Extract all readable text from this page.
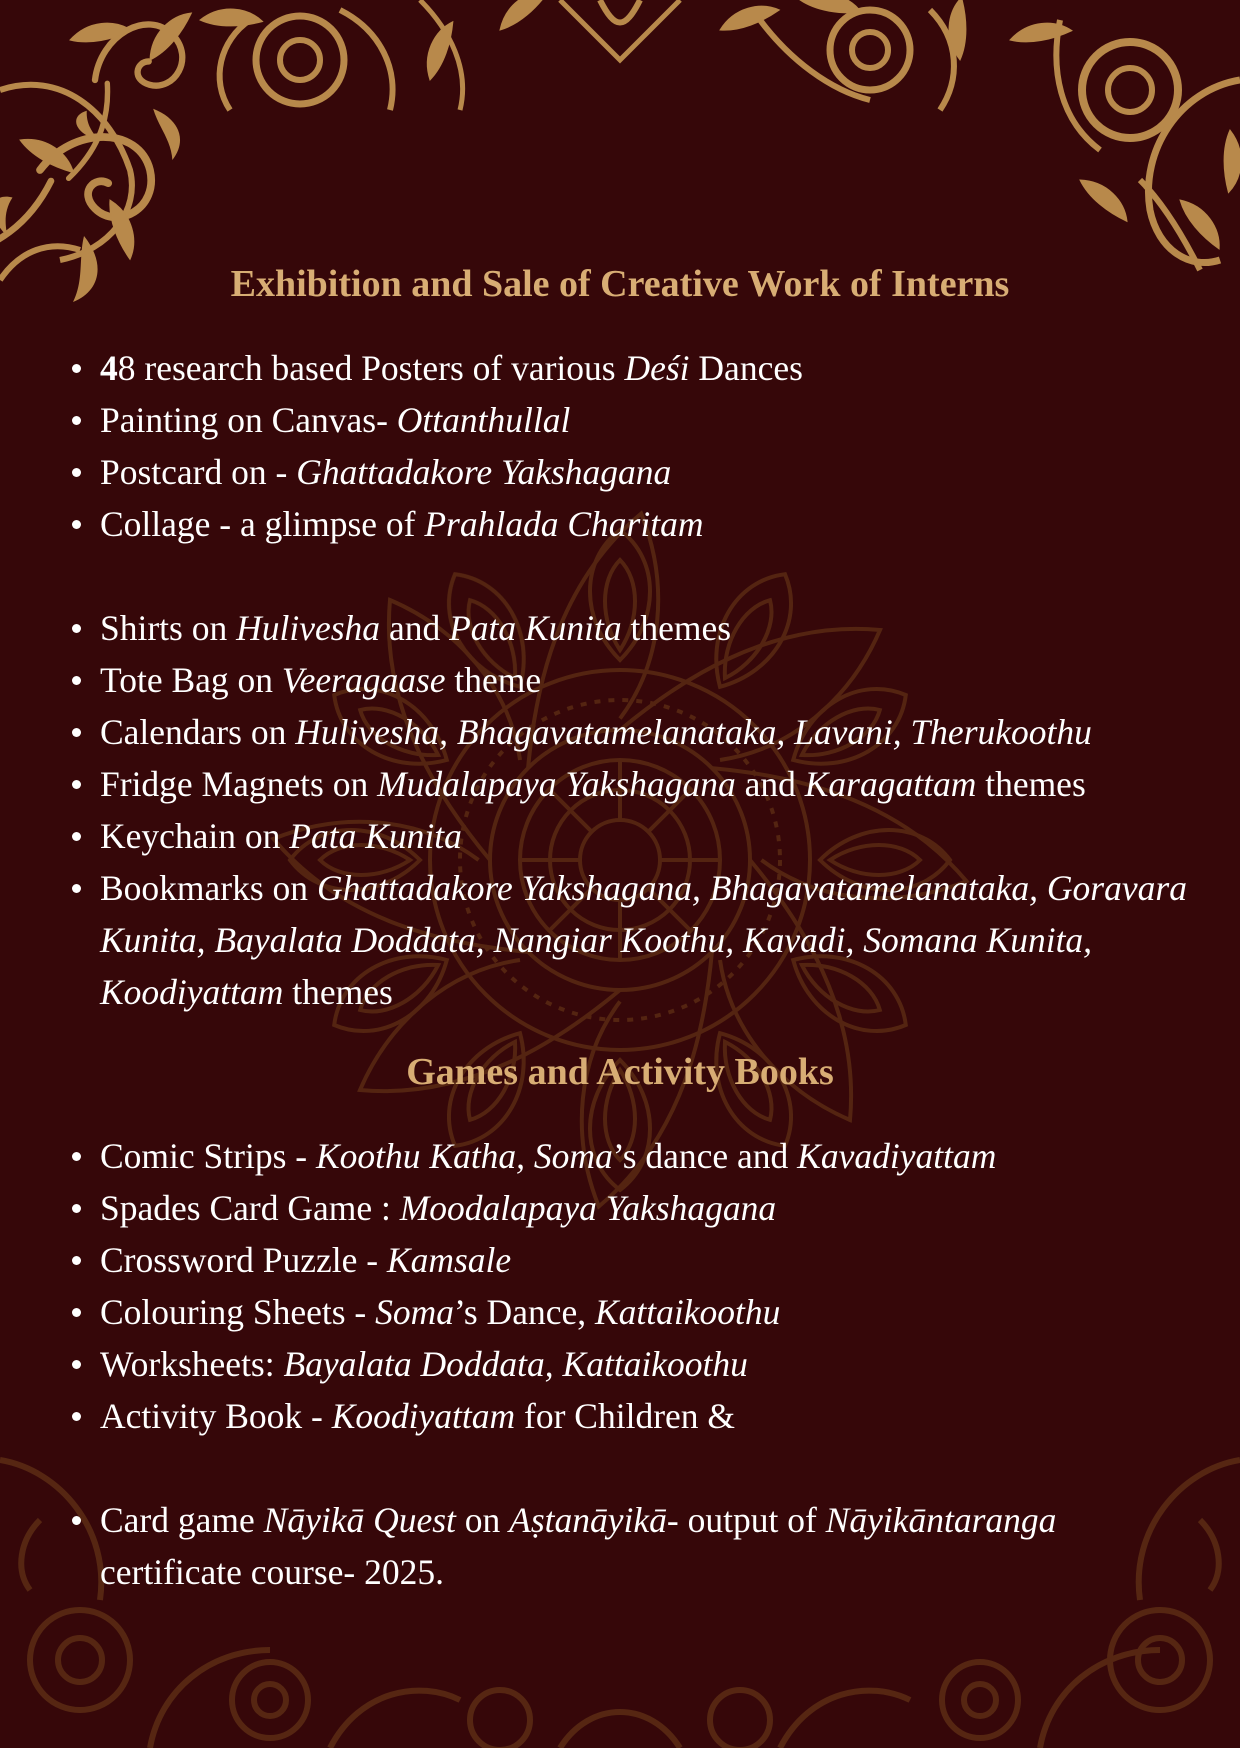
Exhibition and Sale of Creative Work of Interns
48 research based Posters of various Deśi Dances
Painting on Canvas- Ottanthullal
Postcard on - Ghattadakore Yakshagana
Collage - a glimpse of Prahlada Charitam
Shirts on Hulivesha and Pata Kunita themes
Tote Bag on Veeragaase theme
Calendars on Hulivesha, Bhagavatamelanataka, Lavani, Therukoothu
Fridge Magnets on Mudalapaya Yakshagana and Karagattam themes
Keychain on Pata Kunita
Bookmarks on Ghattadakore Yakshagana, Bhagavatamelanataka, Goravara Kunita, Bayalata Doddata, Nangiar Koothu, Kavadi, Somana Kunita, Koodiyattam themes
Games and Activity Books
Comic Strips - Koothu Katha, Soma’s dance and Kavadiyattam
Spades Card Game : Moodalapaya Yakshagana
Crossword Puzzle - Kamsale
Colouring Sheets - Soma’s Dance, Kattaikoothu
Worksheets: Bayalata Doddata, Kattaikoothu
Activity Book - Koodiyattam for Children &
Card game Nāyikā Quest on Aṣtanāyikā- output of Nāyikāntaranga certificate course- 2025.
